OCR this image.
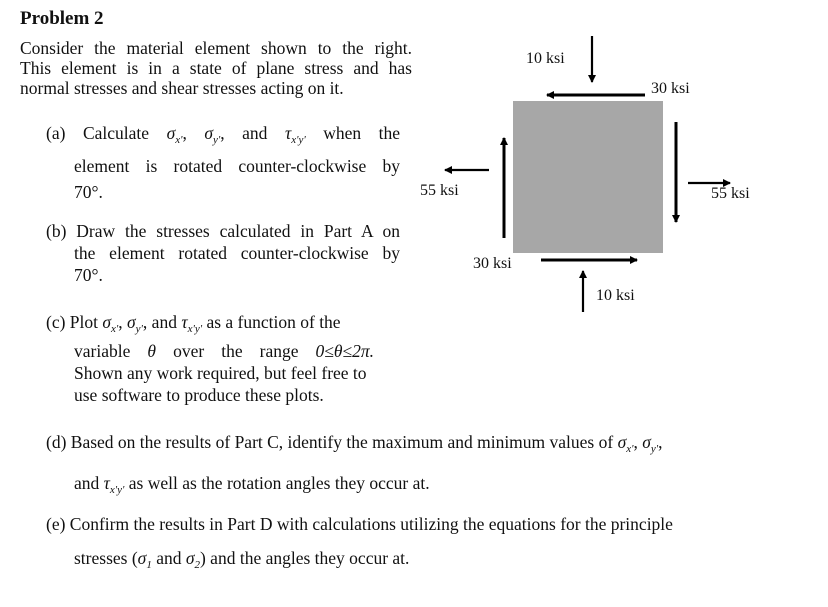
Problem 2
Consider the material element shown to the right.
This element is in a state of plane stress and has
normal stresses and shear stresses acting on it.
(a) Calculate $\sigma_{x'}$, $\sigma_{y'}$, and $\tau_{x'y'}$ when the
element is rotated counter-clockwise by
70°.
(b) Draw the stresses calculated in Part A on
the element rotated counter-clockwise by
70°.
(c) Plot $\sigma_{x'}$, $\sigma_{y'}$, and $\tau_{x'y'}$ as a function of the
variable θ over the range 0≤θ≤2π.
Shown any work required, but feel free to
use software to produce these plots.
(d) Based on the results of Part C, identify the maximum and minimum values of $\sigma_{x'}$, $\sigma_{y'}$,
and $\tau_{x'y'}$ as well as the rotation angles they occur at.
(e) Confirm the results in Part D with calculations utilizing the equations for the principle
stresses ($\sigma_1$ and $\sigma_2$) and the angles they occur at.
10 ksi
30 ksi
55 ksi	55 ksi
30 ksi
10 ksi
